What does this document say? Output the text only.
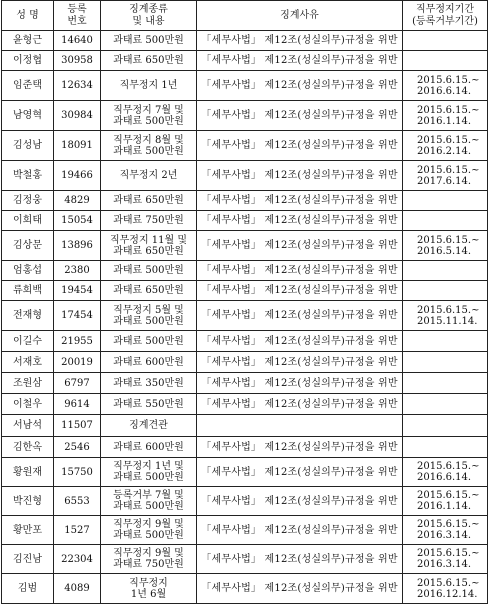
성 명	등록
번호	징계종류
및 내용	징계사유	직무정지기간
(등록거부기간)

윤형근	14640	과태료 500만원	「세무사법」 제12조(성실의무)규정을 위반	
이정협	30958	과태료 650만원	「세무사법」 제12조(성실의무)규정을 위반	
임준택	12634	직무정지 1년	「세무사법」 제12조(성실의무)규정을 위반	2015.6.15.~
2016.6.14.

남영혁	30984	직무정지 7월 및
과태료 500만원	「세무사법」 제12조(성실의무)규정을 위반	2015.6.15.~
2016.1.14.

김성남	18091	직무정지 8월 및
과태료 500만원	「세무사법」 제12조(성실의무)규정을 위반	2015.6.15.~
2016.2.14.

박철홍	19466	직무정지 2년	「세무사법」 제12조(성실의무)규정을 위반	2015.6.15.~
2017.6.14.

김정웅	4829	과태료 650만원	「세무사법」 제12조(성실의무)규정을 위반	
이희태	15054	과태료 750만원	「세무사법」 제12조(성실의무)규정을 위반	
김상문	13896	직무정지 11월 및
과태료 650만원	「세무사법」 제12조(성실의무)규정을 위반	2015.6.15.~
2016.5.14.

엄홍섭	2380	과태료 500만원	「세무사법」 제12조(성실의무)규정을 위반	
류희백	19454	과태료 650만원	「세무사법」 제12조(성실의무)규정을 위반	
전재형	17454	직무정지 5월 및
과태료 500만원	「세무사법」 제12조(성실의무)규정을 위반	2015.6.15.~
2015.11.14.

이길수	21955	과태료 500만원	「세무사법」 제12조(성실의무)규정을 위반	
서재호	20019	과태료 600만원	「세무사법」 제12조(성실의무)규정을 위반	
조원삼	6797	과태료 350만원	「세무사법」 제12조(성실의무)규정을 위반	
이철우	9614	과태료 550만원	「세무사법」 제12조(성실의무)규정을 위반	
서남석	11507	징계견관		

김한옥	2546	과태료 600만원	「세무사법」 제12조(성실의무)규정을 위반	
황원재	15750	직무정지 1년 및
과태료 500만원	「세무사법」 제12조(성실의무)규정을 위반	2015.6.15.~
2016.6.14.

박진형	6553	등록거부 7월 및
과태료 500만원	「세무사법」 제12조(성실의무)규정을 위반	2015.6.15.~
2016.1.14.

황만포	1527	직무정지 9월 및
과태료 500만원	「세무사법」 제12조(성실의무)규정을 위반	2015.6.15.~
2016.3.14.

김진남	22304	직무정지 9월 및
과태료 750만원	「세무사법」 제12조(성실의무)규정을 위반	2015.6.15.~
2016.3.14.

김범	4089	직무정지
1년 6월	「세무사법」 제12조(성실의무)규정을 위반	2015.6.15.~
2016.12.14.
